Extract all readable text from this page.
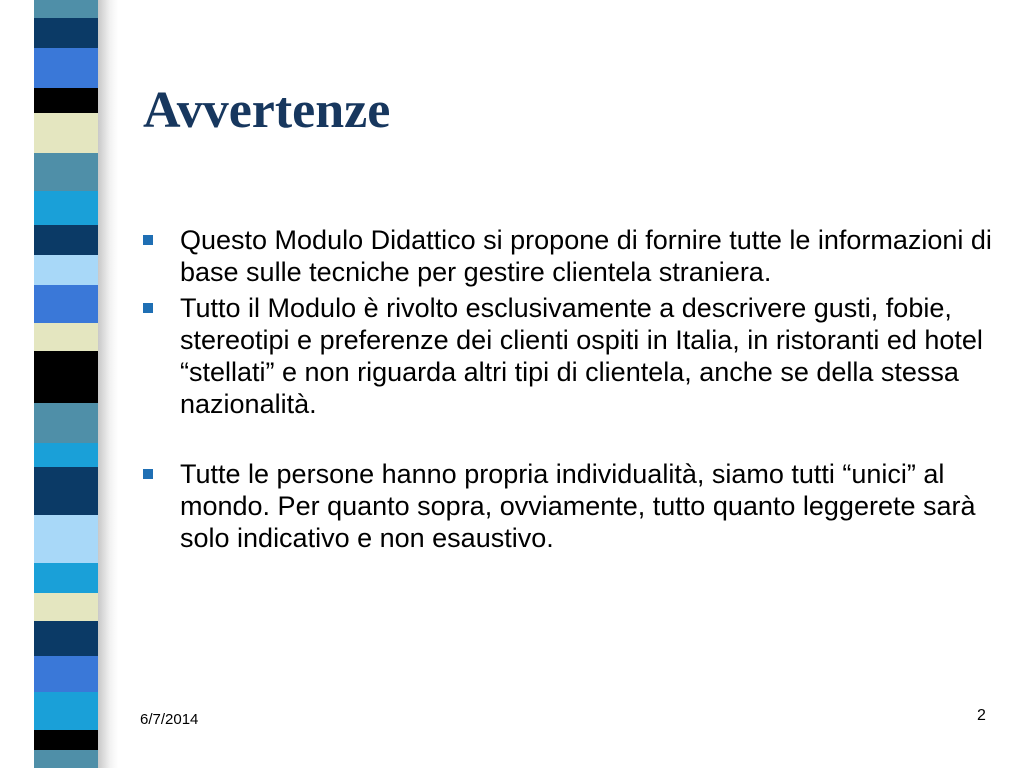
Avvertenze
Questo Modulo Didattico si propone di fornire tutte le informazioni di base sulle tecniche per gestire clientela straniera.
Tutto il Modulo è rivolto esclusivamente a descrivere gusti, fobie, stereotipi e preferenze dei clienti ospiti in Italia, in ristoranti ed hotel “stellati” e non riguarda altri tipi di clientela, anche se della stessa nazionalità.
Tutte le persone hanno propria individualità, siamo tutti “unici” al mondo. Per quanto sopra, ovviamente, tutto quanto leggerete sarà solo indicativo e non esaustivo.
6/7/2014	2
